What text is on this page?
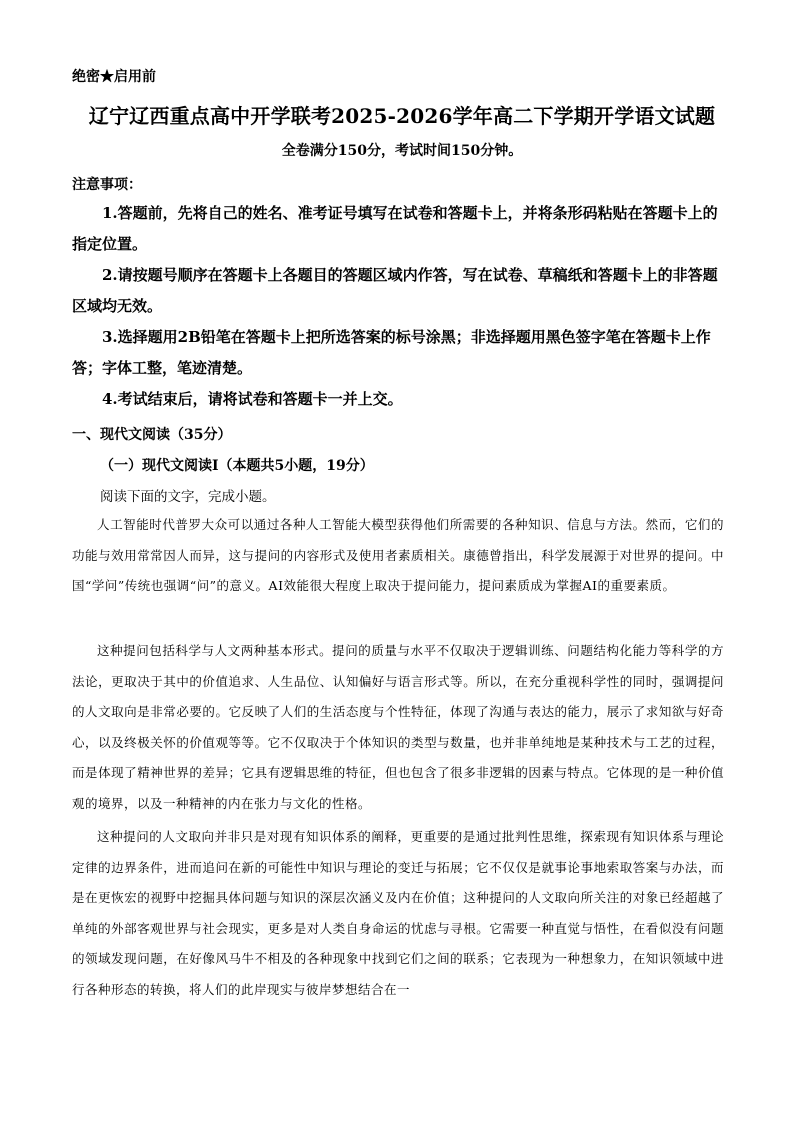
绝密★启用前
辽宁辽西重点高中开学联考2025-2026学年高二下学期开学语文试题
全卷满分150分，考试时间150分钟。
注意事项：
1.答题前，先将自己的姓名、准考证号填写在试卷和答题卡上，并将条形码粘贴在答题卡上的指定位置。
2.请按题号顺序在答题卡上各题目的答题区域内作答，写在试卷、草稿纸和答题卡上的非答题区域均无效。
3.选择题用2B铅笔在答题卡上把所选答案的标号涂黑；非选择题用黑色签字笔在答题卡上作答；字体工整，笔迹清楚。
4.考试结束后，请将试卷和答题卡一并上交。
一、现代文阅读（35分）
（一）现代文阅读Ⅰ（本题共5小题，19分）
阅读下面的文字，完成小题。
人工智能时代普罗大众可以通过各种人工智能大模型获得他们所需要的各种知识、信息与方法。然而，它们的功能与效用常常因人而异，这与提问的内容形式及使用者素质相关。康德曾指出，科学发展源于对世界的提问。中国“学问”传统也强调“问”的意义。AI效能很大程度上取决于提问能力，提问素质成为掌握AI的重要素质。
这种提问包括科学与人文两种基本形式。提问的质量与水平不仅取决于逻辑训练、问题结构化能力等科学的方法论，更取决于其中的价值追求、人生品位、认知偏好与语言形式等。所以，在充分重视科学性的同时，强调提问的人文取向是非常必要的。它反映了人们的生活态度与个性特征，体现了沟通与表达的能力，展示了求知欲与好奇心，以及终极关怀的价值观等等。它不仅取决于个体知识的类型与数量，也并非单纯地是某种技术与工艺的过程，而是体现了精神世界的差异；它具有逻辑思维的特征，但也包含了很多非逻辑的因素与特点。它体现的是一种价值观的境界，以及一种精神的内在张力与文化的性格。
这种提问的人文取向并非只是对现有知识体系的阐释，更重要的是通过批判性思维，探索现有知识体系与理论定律的边界条件，进而追问在新的可能性中知识与理论的变迁与拓展；它不仅仅是就事论事地索取答案与办法，而是在更恢宏的视野中挖掘具体问题与知识的深层次涵义及内在价值；这种提问的人文取向所关注的对象已经超越了单纯的外部客观世界与社会现实，更多是对人类自身命运的忧虑与寻根。它需要一种直觉与悟性，在看似没有问题的领域发现问题，在好像风马牛不相及的各种现象中找到它们之间的联系；它表现为一种想象力，在知识领域中进行各种形态的转换，将人们的此岸现实与彼岸梦想结合在一
